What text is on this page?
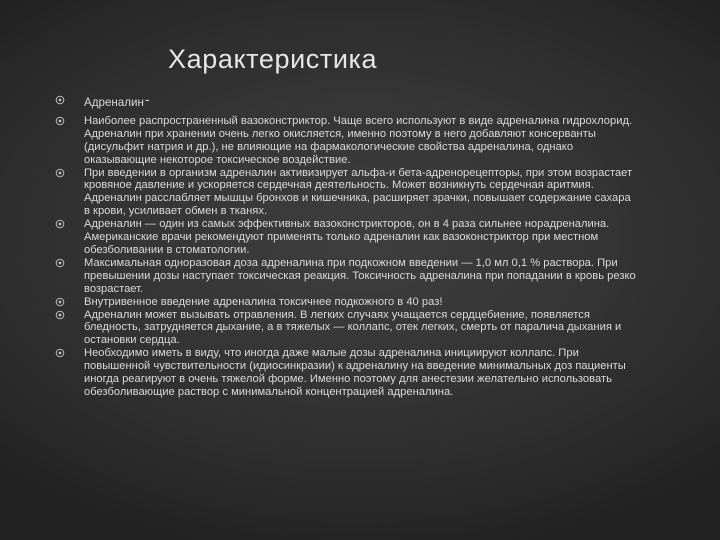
Характеристика
Адреналин-
Наиболее распространенный вазоконстриктор. Чаще всего используют в виде адреналина гидрохлорид. Адреналин при хранении очень легко окисляется, именно поэтому в него добавляют консерванты (дисульфит натрия и др.), не влияющие на фармакологические свойства адреналина, однако оказывающие некоторое токсическое воздействие.
При введении в организм адреналин активизирует альфа-и бета-адренорецепторы, при этом возрастает кровяное давление и ускоряется сердечная деятельность. Может возникнуть сердечная аритмия. Адреналин расслабляет мышцы бронхов и кишечника, расширяет зрачки, повышает содержание сахара в крови, усиливает обмен в тканях.
Адреналин — один из самых эффективных вазоконстрикторов, он в 4 раза сильнее норадреналина. Американские врачи рекомендуют применять только адреналин как вазоконстриктор при местном обезболивании в стоматологии.
Максимальная одноразовая доза адреналина при подкожном введении — 1,0 мл 0,1 % раствора. При превышении дозы наступает токсическая реакция. Токсичность адреналина при попадании в кровь резко возрастает.
Внутривенное введение адреналина токсичнее подкожного в 40 раз!
Адреналин может вызывать отравления. В легких случаях учащается сердцебиение, появляется бледность, затрудняется дыхание, а в тяжелых — коллапс, отек легких, смерть от паралича дыхания и остановки сердца.
Необходимо иметь в виду, что иногда даже малые дозы адреналина инициируют коллапс. При повышенной чувствительности (идиосинкразии) к адреналину на введение минимальных доз пациенты иногда реагируют в очень тяжелой форме. Именно поэтому для анестезии желательно использовать обезболивающие раствор с минимальной концентрацией адреналина.
